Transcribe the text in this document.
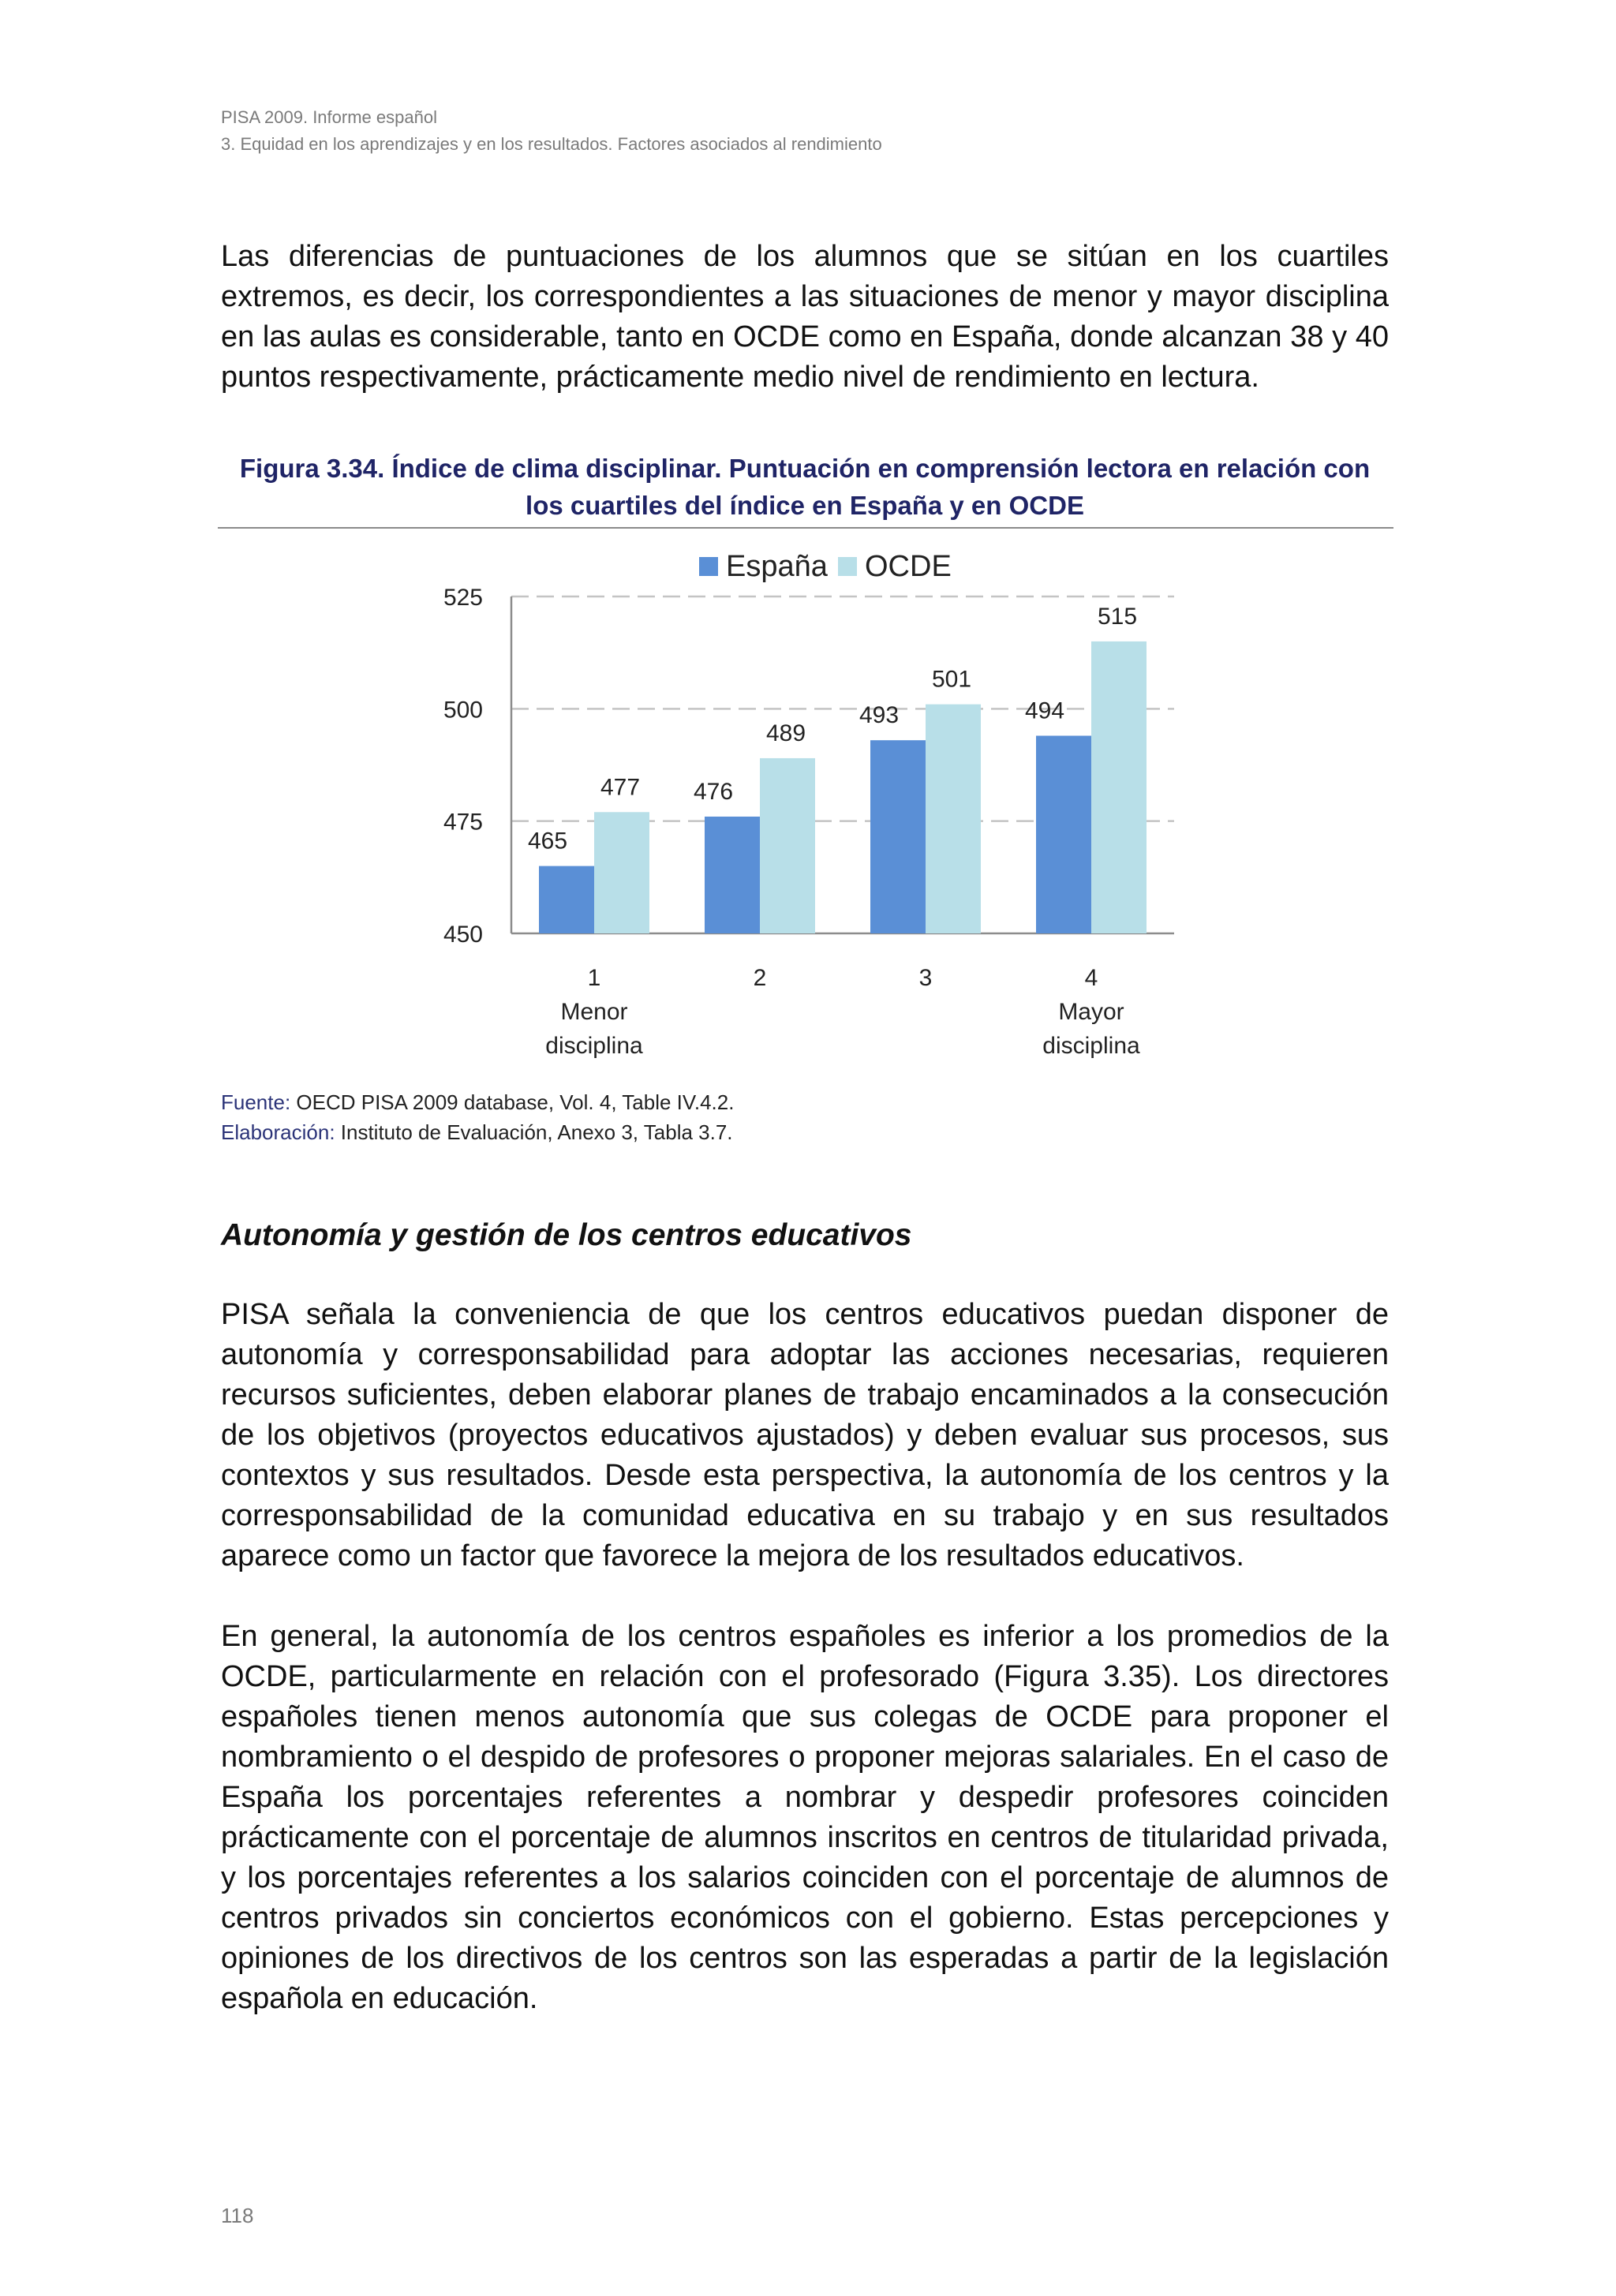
PISA 2009. Informe español
3. Equidad en los aprendizajes y en los resultados. Factores asociados al rendimiento

Las diferencias de puntuaciones de los alumnos que se sitúan en los cuartiles extremos, es decir, los correspondientes a las situaciones de menor y mayor disciplina en las aulas es considerable, tanto en OCDE como en España, donde alcanzan 38 y 40 puntos respectivamente, prácticamente medio nivel de rendimiento en lectura.

Figura 3.34. Índice de clima disciplinar. Puntuación en comprensión lectora en relación con
los cuartiles del índice en España y en OCDE
450
475
500
525
465
477 476
489
493
501
494
515
España OCDE
1
Menor
disciplina
2	3	4
Mayor
disciplina
Fuente: OECD PISA 2009 database, Vol. 4, Table IV.4.2.
Elaboración: Instituto de Evaluación, Anexo 3, Tabla 3.7.
Autonomía y gestión de los centros educativos

PISA señala la conveniencia de que los centros educativos puedan disponer de autonomía y corresponsabilidad para adoptar las acciones necesarias, requieren recursos suficientes, deben elaborar planes de trabajo encaminados a la consecución de los objetivos (proyectos educativos ajustados) y deben evaluar sus procesos, sus contextos y sus resultados. Desde esta perspectiva, la autonomía de los centros y la corresponsabilidad de la comunidad educativa en su trabajo y en sus resultados aparece como un factor que favorece la mejora de los resultados educativos.

En general, la autonomía de los centros españoles es inferior a los promedios de la OCDE, particularmente en relación con el profesorado (Figura 3.35). Los directores españoles tienen menos autonomía que sus colegas de OCDE para proponer el nombramiento o el despido de profesores o proponer mejoras salariales. En el caso de España los porcentajes referentes a nombrar y despedir profesores coinciden prácticamente con el porcentaje de alumnos inscritos en centros de titularidad privada, y los porcentajes referentes a los salarios coinciden con el porcentaje de alumnos de centros privados sin conciertos económicos con el gobierno. Estas percepciones y opiniones de los directivos de los centros son las esperadas a partir de la legislación española en educación.

118
